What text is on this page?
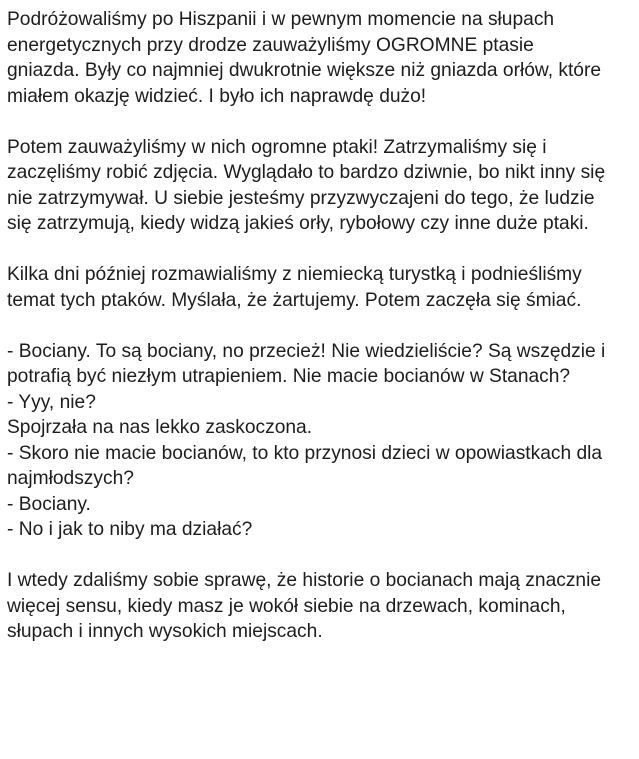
Podróżowaliśmy po Hiszpanii i w pewnym momencie na słupach
energetycznych przy drodze zauważyliśmy OGROMNE ptasie
gniazda. Były co najmniej dwukrotnie większe niż gniazda orłów, które
miałem okazję widzieć. I było ich naprawdę dużo!

Potem zauważyliśmy w nich ogromne ptaki! Zatrzymaliśmy się i
zaczęliśmy robić zdjęcia. Wyglądało to bardzo dziwnie, bo nikt inny się
nie zatrzymywał. U siebie jesteśmy przyzwyczajeni do tego, że ludzie
się zatrzymują, kiedy widzą jakieś orły, rybołowy czy inne duże ptaki.

Kilka dni później rozmawialiśmy z niemiecką turystką i podnieśliśmy
temat tych ptaków. Myślała, że żartujemy. Potem zaczęła się śmiać.

- Bociany. To są bociany, no przecież! Nie wiedzieliście? Są wszędzie i
potrafią być niezłym utrapieniem. Nie macie bocianów w Stanach?
- Yyy, nie?
Spojrzała na nas lekko zaskoczona.
- Skoro nie macie bocianów, to kto przynosi dzieci w opowiastkach dla
najmłodszych?
- Bociany.
- No i jak to niby ma działać?

I wtedy zdaliśmy sobie sprawę, że historie o bocianach mają znacznie
więcej sensu, kiedy masz je wokół siebie na drzewach, kominach,
słupach i innych wysokich miejscach.
